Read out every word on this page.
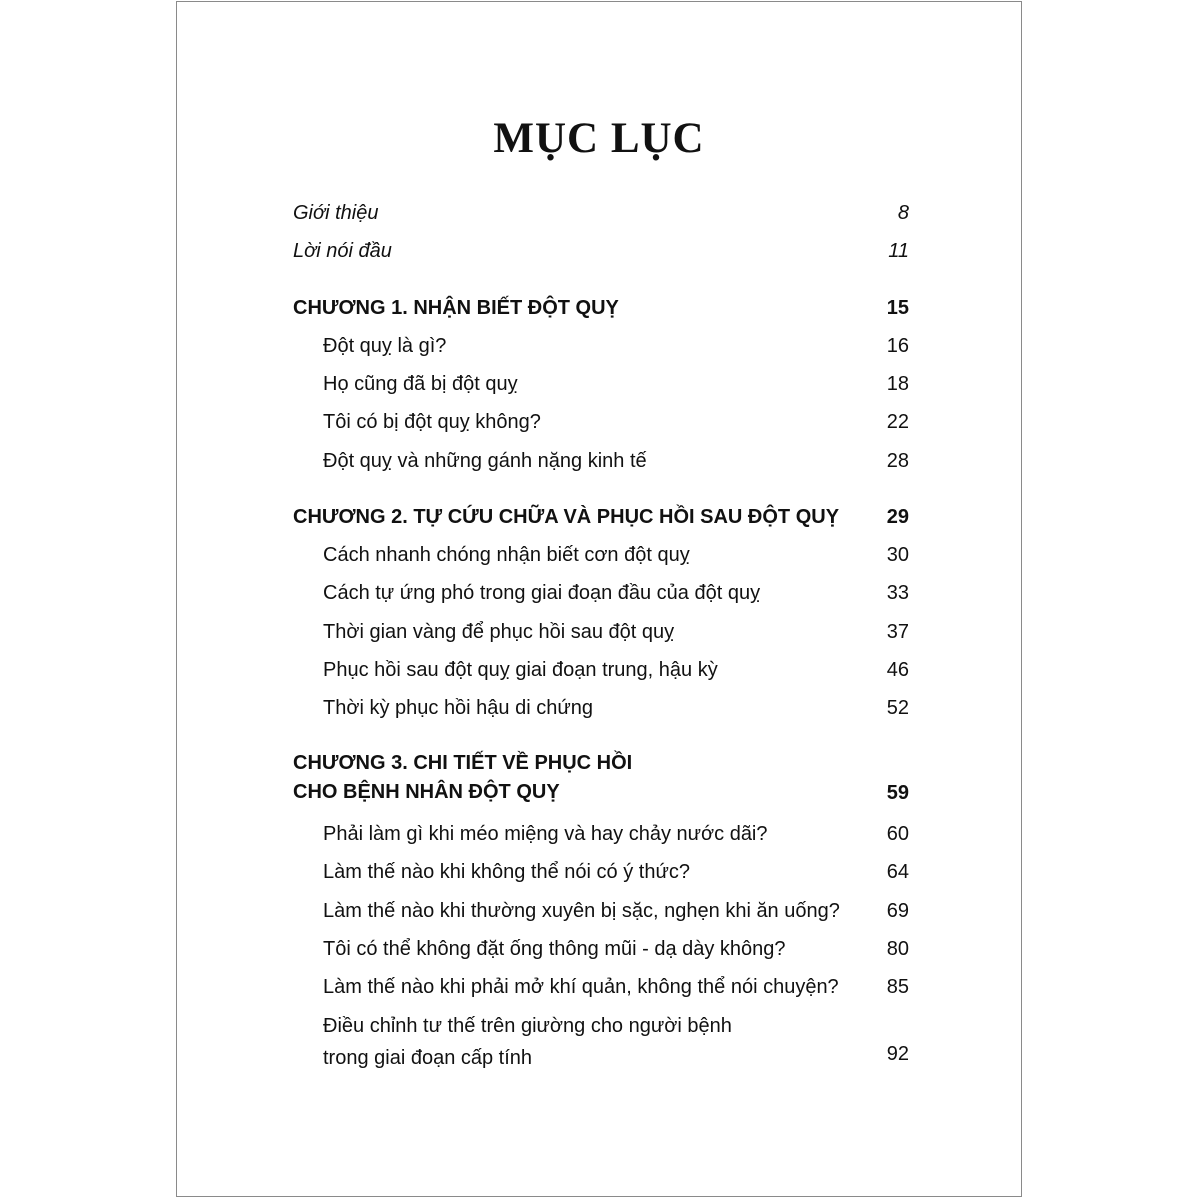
MỤC LỤC
Giới thiệu	8
Lời nói đầu	11
CHƯƠNG 1. NHẬN BIẾT ĐỘT QUỴ	15
Đột quỵ là gì?	16
Họ cũng đã bị đột quỵ	18
Tôi có bị đột quỵ không?	22
Đột quỵ và những gánh nặng kinh tế	28
CHƯƠNG 2. TỰ CỨU CHỮA VÀ PHỤC HỒI SAU ĐỘT QUỴ 29
Cách nhanh chóng nhận biết cơn đột quỵ	30
Cách tự ứng phó trong giai đoạn đầu của đột quỵ	33
Thời gian vàng để phục hồi sau đột quỵ	37
Phục hồi sau đột quỵ giai đoạn trung, hậu kỳ	46
Thời kỳ phục hồi hậu di chứng	52
CHƯƠNG 3. CHI TIẾT VỀ PHỤC HỒI
CHO BỆNH NHÂN ĐỘT QUỴ	59
Phải làm gì khi méo miệng và hay chảy nước dãi?	60
Làm thế nào khi không thể nói có ý thức?	64
Làm thế nào khi thường xuyên bị sặc, nghẹn khi ăn uống? 69
Tôi có thể không đặt ống thông mũi - dạ dày không?	80
Làm thế nào khi phải mở khí quản, không thể nói chuyện? 85
Điều chỉnh tư thế trên giường cho người bệnh
trong giai đoạn cấp tính	92
